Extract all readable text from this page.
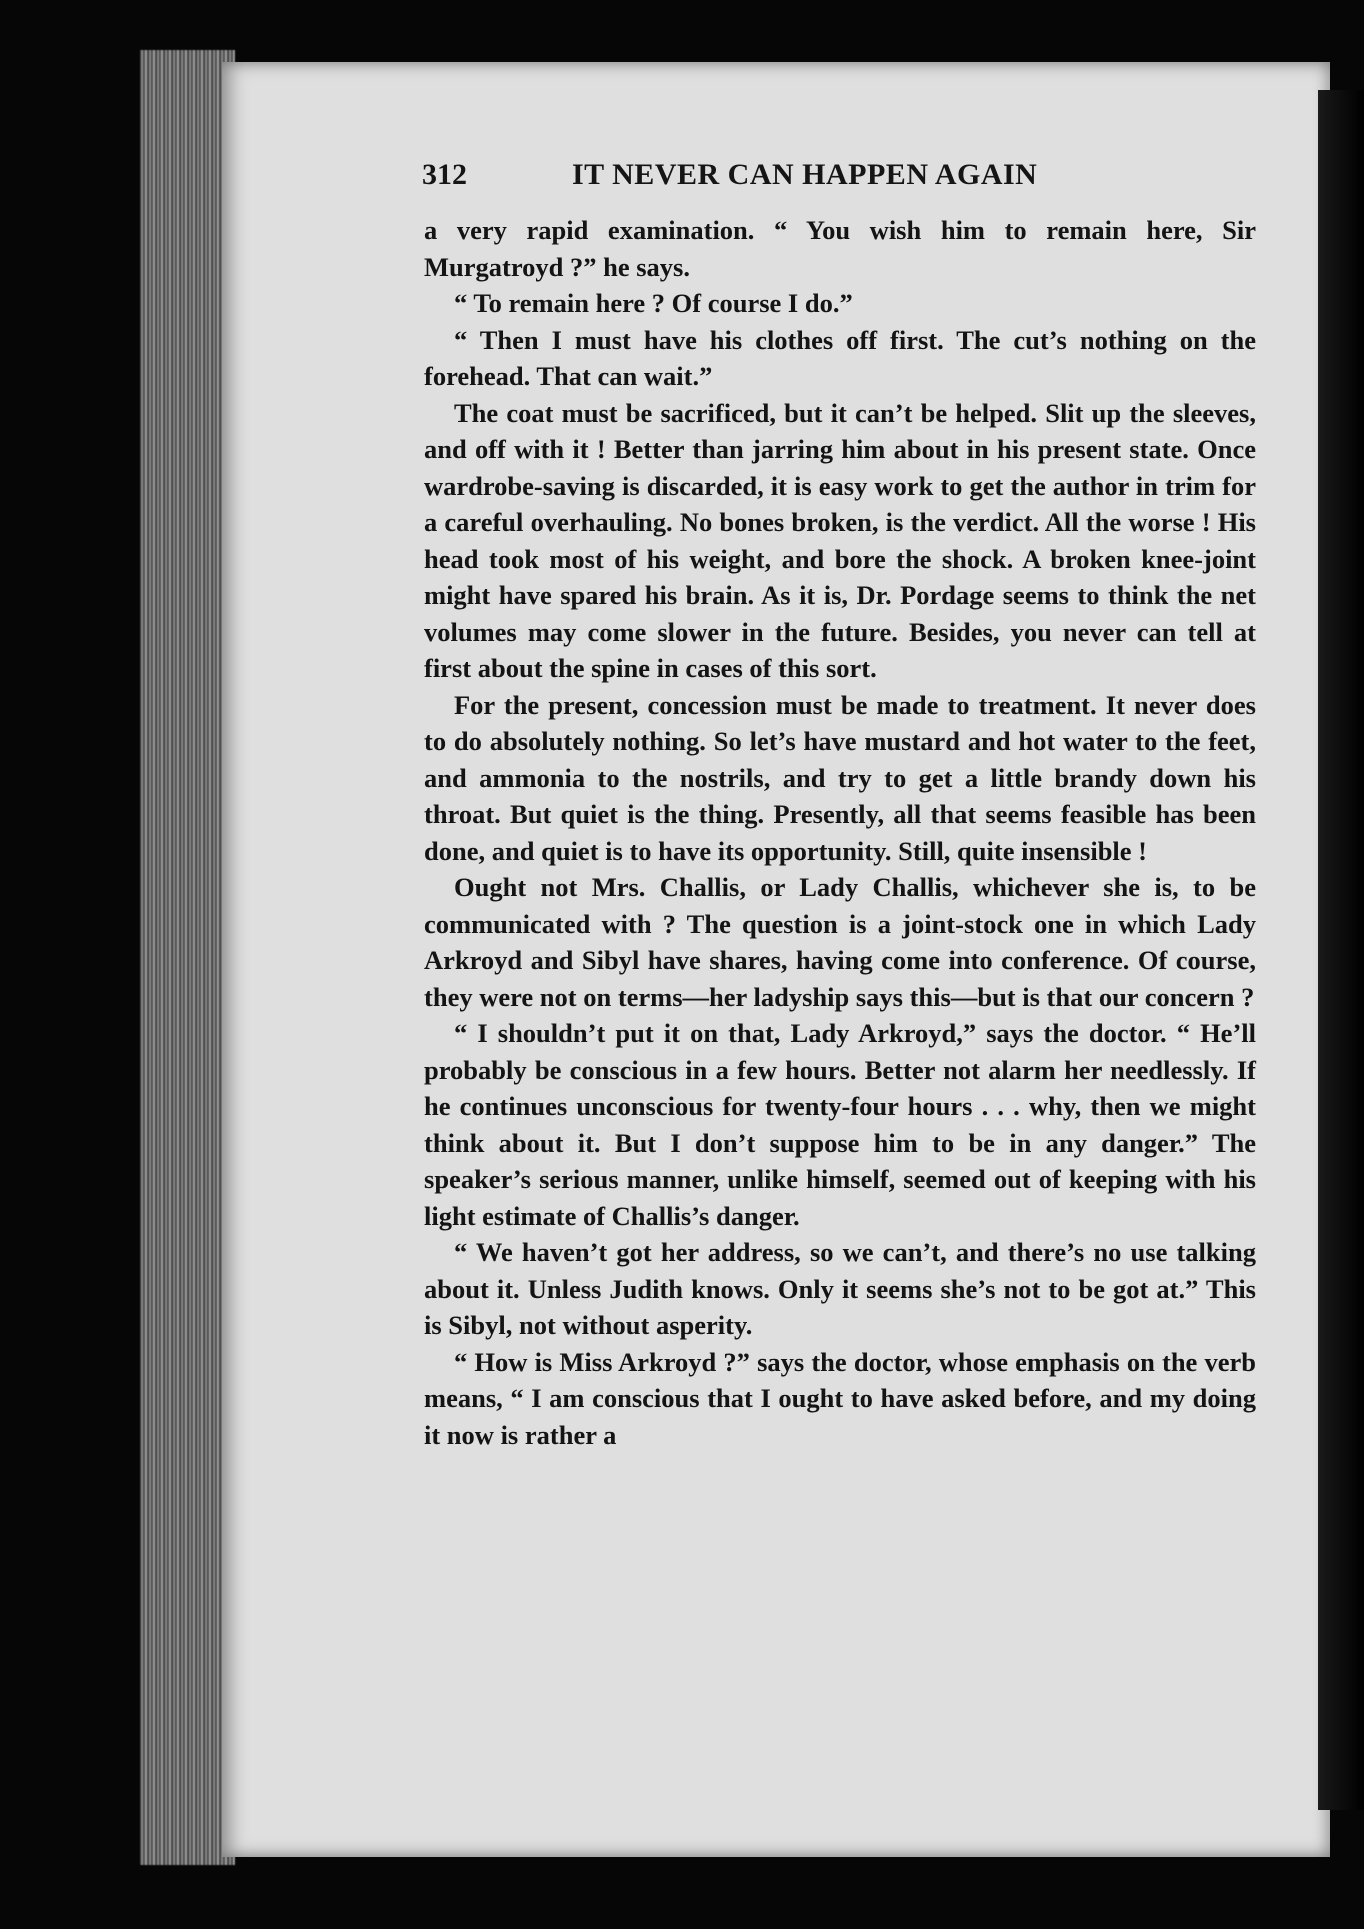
312	IT NEVER CAN HAPPEN AGAIN

a very rapid examination. “ You wish him to remain here, Sir Murgatroyd ?” he says.

“ To remain here ? Of course I do.”

“ Then I must have his clothes off first. The cut’s nothing on the forehead. That can wait.”

The coat must be sacrificed, but it can’t be helped. Slit up the sleeves, and off with it ! Better than jarring him about in his present state. Once wardrobe-saving is discarded, it is easy work to get the author in trim for a careful overhauling. No bones broken, is the verdict. All the worse ! His head took most of his weight, and bore the shock. A broken knee-joint might have spared his brain. As it is, Dr. Pordage seems to think the net volumes may come slower in the future. Besides, you never can tell at first about the spine in cases of this sort.

For the present, concession must be made to treatment. It never does to do absolutely nothing. So let’s have mustard and hot water to the feet, and ammonia to the nostrils, and try to get a little brandy down his throat. But quiet is the thing. Presently, all that seems feasible has been done, and quiet is to have its opportunity. Still, quite insensible !

Ought not Mrs. Challis, or Lady Challis, whichever she is, to be communicated with ? The question is a joint-stock one in which Lady Arkroyd and Sibyl have shares, having come into conference. Of course, they were not on terms—her ladyship says this—but is that our concern ?

“ I shouldn’t put it on that, Lady Arkroyd,” says the doctor. “ He’ll probably be conscious in a few hours. Better not alarm her needlessly. If he continues unconscious for twenty-four hours . . . why, then we might think about it. But I don’t suppose him to be in any danger.” The speaker’s serious manner, unlike himself, seemed out of keeping with his light estimate of Challis’s danger.

“ We haven’t got her address, so we can’t, and there’s no use talking about it. Unless Judith knows. Only it seems she’s not to be got at.” This is Sibyl, not without asperity.

“ How is Miss Arkroyd ?” says the doctor, whose emphasis on the verb means, “ I am conscious that I ought to have asked before, and my doing it now is rather a
